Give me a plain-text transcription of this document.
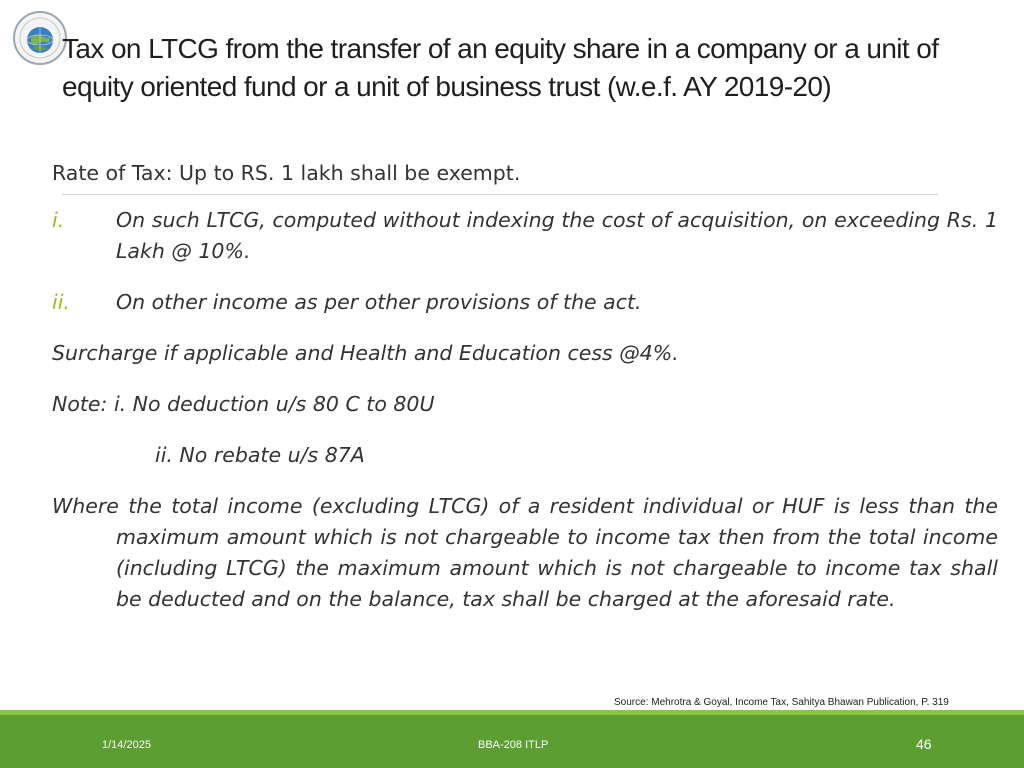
Tax on LTCG from the transfer of an equity share in a company or a unit of equity oriented fund or a unit of business trust (w.e.f. AY 2019-20)

Rate of Tax: Up to RS. 1 lakh shall be exempt.

i.	On such LTCG, computed without indexing the cost of acquisition, on exceeding Rs. 1 Lakh @ 10%.
ii.	On other income as per other provisions of the act.

Surcharge if applicable and Health and Education cess @4%.

Note: i. No deduction u/s 80 C to 80U

ii. No rebate u/s 87A

Where the total income (excluding LTCG) of a resident individual or HUF is less than the maximum amount which is not chargeable to income tax then from the total income (including LTCG) the maximum amount which is not chargeable to income tax shall be deducted and on the balance, tax shall be charged at the aforesaid rate.

Source: Mehrotra & Goyal, Income Tax, Sahitya Bhawan Publication, P. 319
1/14/2025	BBA-208 ITLP	46
